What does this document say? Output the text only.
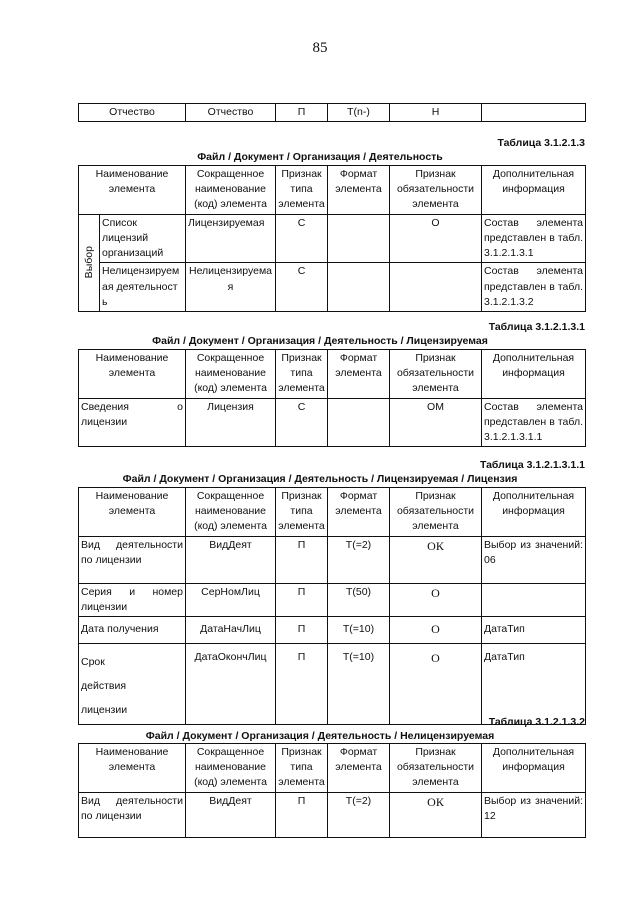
85
Отчество	Отчество	П	T(n-)	Н	
Таблица 3.1.2.1.3
Файл / Документ / Организация / Деятельность
Наименование элемента		Сокращенное наименование (код) элемента	Признак типа элемента	Формат элемента	Признак обязательности элемента	Дополнительная информация
Выбор	Список лицензий организаций	Лицензируемая	С		О	Состав элемента представлен в табл. 3.1.2.1.3.1
	Нелицензируемая деятельность	Нелицензируемая	С			Состав элемента представлен в табл. 3.1.2.1.3.2
Таблица 3.1.2.1.3.1
Файл / Документ / Организация / Деятельность / Лицензируемая
Наименование элемента	Сокращенное наименование (код) элемента	Признак типа элемента	Формат элемента	Признак обязательности элемента	Дополнительная информация
Сведения о лицензии	Лицензия	С		ОМ	Состав элемента представлен в табл. 3.1.2.1.3.1.1
Таблица 3.1.2.1.3.1.1
Файл / Документ / Организация / Деятельность / Лицензируемая / Лицензия
Наименование элемента	Сокращенное наименование (код) элемента	Признак типа элемента	Формат элемента	Признак обязательности элемента	Дополнительная информация
Вид деятельности по лицензии	ВидДеят	П	T(=2)	ОК	Выбор из значений: 06
Серия и номер лицензии	СерНомЛиц	П	T(50)	О	
Дата получения	ДатаНачЛиц	П	T(=10)	О	ДатаТип

Срок действия лицензии	ДатаОкончЛиц	П	T(=10)	О	ДатаТип
Таблица 3.1.2.1.3.2
Файл / Документ / Организация / Деятельность / Нелицензируемая
Наименование элемента	Сокращенное наименование (код) элемента	Признак типа элемента	Формат элемента	Признак обязательности элемента	Дополнительная информация
Вид деятельности по лицензии	ВидДеят	П	T(=2)	ОК	Выбор из значений: 12
